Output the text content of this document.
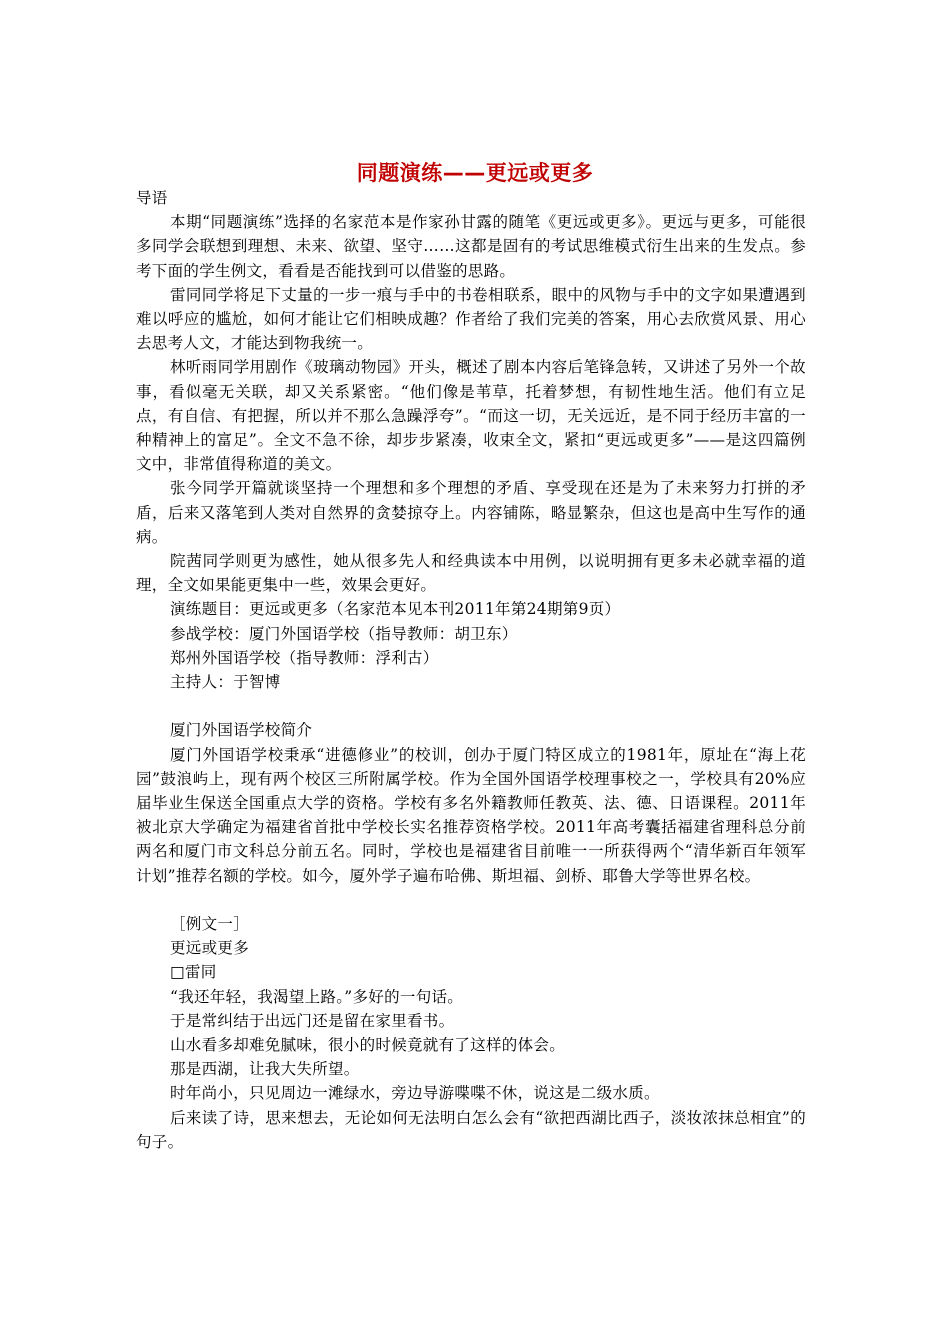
同题演练——更远或更多

导语

本期“同题演练”选择的名家范本是作家孙甘露的随笔《更远或更多》。更远与更多，可能很多同学会联想到理想、未来、欲望、坚守……这都是固有的考试思维模式衍生出来的生发点。参考下面的学生例文，看看是否能找到可以借鉴的思路。

雷同同学将足下丈量的一步一痕与手中的书卷相联系，眼中的风物与手中的文字如果遭遇到难以呼应的尴尬，如何才能让它们相映成趣？作者给了我们完美的答案，用心去欣赏风景、用心去思考人文，才能达到物我统一。

林听雨同学用剧作《玻璃动物园》开头，概述了剧本内容后笔锋急转，又讲述了另外一个故事，看似毫无关联，却又关系紧密。“他们像是苇草，托着梦想，有韧性地生活。他们有立足点，有自信、有把握，所以并不那么急躁浮夸”。“而这一切，无关远近，是不同于经历丰富的一种精神上的富足”。全文不急不徐，却步步紧凑，收束全文，紧扣“更远或更多”——是这四篇例文中，非常值得称道的美文。

张今同学开篇就谈坚持一个理想和多个理想的矛盾、享受现在还是为了未来努力打拼的矛盾，后来又落笔到人类对自然界的贪婪掠夺上。内容铺陈，略显繁杂，但这也是高中生写作的通病。

院茜同学则更为感性，她从很多先人和经典读本中用例，以说明拥有更多未必就幸福的道理，全文如果能更集中一些，效果会更好。

演练题目：更远或更多（名家范本见本刊2011年第24期第9页）

参战学校：厦门外国语学校（指导教师：胡卫东）

郑州外国语学校（指导教师：浮利古）

主持人：于智博

厦门外国语学校简介

厦门外国语学校秉承“进德修业”的校训，创办于厦门特区成立的1981年，原址在“海上花园”鼓浪屿上，现有两个校区三所附属学校。作为全国外国语学校理事校之一，学校具有20%应届毕业生保送全国重点大学的资格。学校有多名外籍教师任教英、法、德、日语课程。2011年被北京大学确定为福建省首批中学校长实名推荐资格学校。2011年高考囊括福建省理科总分前两名和厦门市文科总分前五名。同时，学校也是福建省目前唯一一所获得两个“清华新百年领军计划”推荐名额的学校。如今，厦外学子遍布哈佛、斯坦福、剑桥、耶鲁大学等世界名校。

［例文一］

更远或更多

□雷同

“我还年轻，我渴望上路。”多好的一句话。

于是常纠结于出远门还是留在家里看书。

山水看多却难免腻味，很小的时候竟就有了这样的体会。

那是西湖，让我大失所望。

时年尚小，只见周边一滩绿水，旁边导游喋喋不休，说这是二级水质。

后来读了诗，思来想去，无论如何无法明白怎么会有“欲把西湖比西子，淡妆浓抹总相宜”的句子。
